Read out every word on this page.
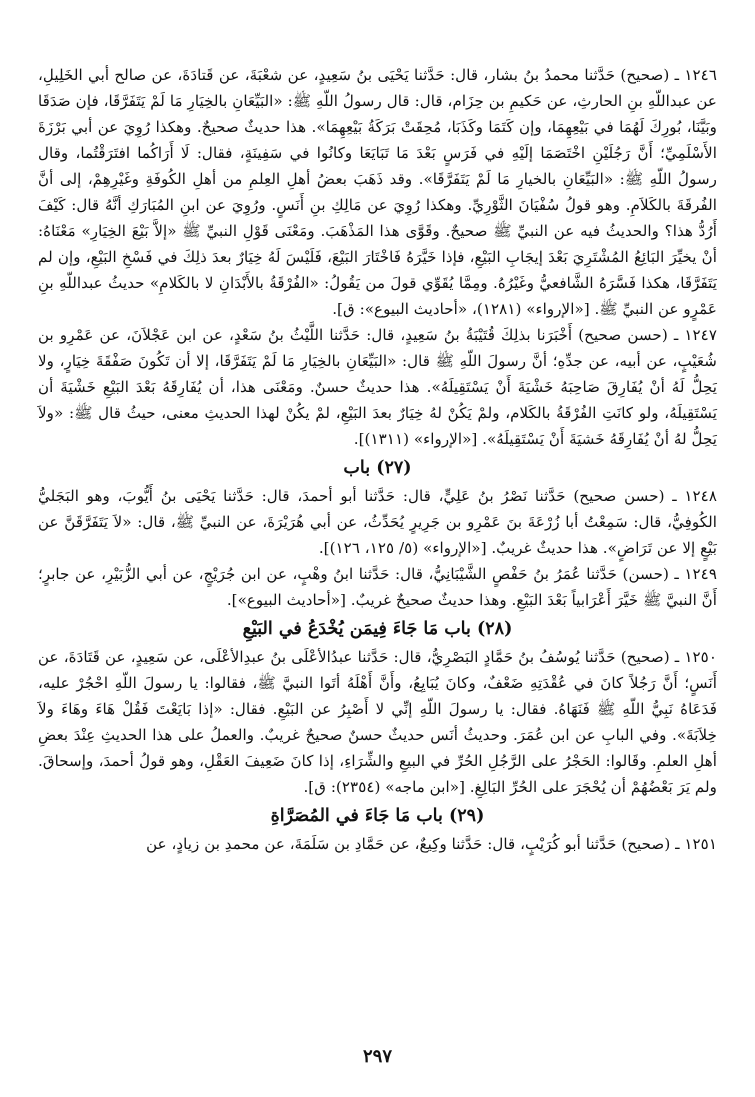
١٢٤٦ ـ (صحيح) حَدَّثنا محمدُ بنُ بشار، قال: حَدَّثنا يَحْيَى بنُ سَعِيدٍ، عن شعْبَةَ، عن قَتادَةَ، عن صالح أبي الخَلِيلِ، عن عبداللّهِ بنِ الحارثِ، عن حَكيمِ بن حِزَام، قال: قال رسولُ اللّهِ ﷺ: «البَيِّعَانِ بالخِيَارِ مَا لَمْ يَتَفَرَّقَا، فإن صَدَقَا وبَيَّنَا، بُورِكَ لَهُمَا في بَيْعِهِمَا، وإن كَتَمَا وكَذَبَا، مُحِقَتْ بَرَكَةُ بَيْعِهِمَا». هذا حديثٌ صحيحٌ. وهكذا رُوِيَ عن أبي بَرْزَةَ الأَسْلَمِيِّ؛ أَنَّ رَجُلَيْنِ اخْتَصَمَا إلَيْهِ في فَرَسٍ بَعْدَ مَا تَبَايَعَا وكانُوا في سَفِينَةٍ، فقال: لَا أَرَاكُما افتَرَقْتُما، وقال رسولُ اللّهِ ﷺ: «البَيِّعَانِ بالخيارِ مَا لَمْ يَتَفَرَّقَا». وقد ذَهَبَ بعضُ أهلِ العِلمِ من أهلِ الكُوفَةِ وغَيْرِهِمْ، إلى أنَّ الفُرقَةَ بالكَلاَمِ. وهو قولُ سُفْيَانَ الثَّوْرِيِّ. وهكذا رُوِيَ عن مَالِكِ بنِ أَنَسٍ. ورُوِيَ عن ابنِ المُبَارَكِ أنَّهُ قال: كَيْفَ أَرُدُّ هذا؟ والحديثُ فيه عن النبيِّ ﷺ صحيحٌ. وقَوَّى هذا المَذْهَبَ. ومَعْنَى قَوْلِ النبيِّ ﷺ «إلاَّ بَيْعَ الخِيَارِ» مَعْنَاهُ: أنْ يخيِّرَ البَائِعُ المُشْتَرِيَ بَعْدَ إيجَابِ البَيْعِ، فإذا خَيَّرَهُ فَاخْتَارَ البَيْعَ، فَلَيْسَ لَهُ خِيَارٌ بعدَ ذلِكَ في فَسْخِ البَيْعِ، وإن لم يَتَفَرَّقَا، هكذا فَسَّرَهُ الشَّافعيُّ وغَيْرُهُ. ومِمَّا يُقَوِّي قولَ من يَقُولُ: «الفُرْقَةُ بالأَبْدَانِ لا بالكَلامِ» حديثُ عبداللّهِ بنِ عَمْرٍو عن النبيِّ ﷺ. [«الإرواء» (١٢٨١)، «أحاديث البيوع»: ق].

١٢٤٧ ـ (حسن صحيح) أَخْبَرَنا بذلِكَ قُتَيْبَةُ بنُ سَعِيدٍ، قال: حَدَّثنا اللَّيْثُ بنُ سَعْدٍ، عن ابن عَجْلاَنَ، عن عَمْرِو بن شُعَيْبٍ، عن أبيه، عن جدِّهِ؛ أنَّ رسولَ اللّهِ ﷺ قال: «البَيِّعَانِ بالخِيَارِ مَا لَمْ يَتَفَرَّقَا، إلا أن تَكُونَ صَفْقَةَ خِيَارٍ، ولا يَحِلُّ لَهُ أنْ يُفَارِقَ صَاحِبَهُ خَشْيَةَ أَنْ يَسْتَقِيلَهُ». هذا حديثٌ حسنٌ. ومَعْنَى هذا، أن يُفَارِقَهُ بَعْدَ البَيْعِ خَشْيَةَ أن يَسْتَقِيلَهُ، ولو كانَتِ الفُرْقَةُ بالكَلام، ولمْ يَكُنْ لهُ خِيَارٌ بعدَ البَيْعِ، لمْ يكُنْ لهذا الحديثِ معنى، حيثُ قال ﷺ: «ولاَ يَحِلُّ لهُ أنْ يُفَارِقَهُ خَشيَةَ أَنْ يَسْتَقِيلَهُ». [«الإرواء» (١٣١١)].

(٢٧) باب

١٢٤٨ ـ (حسن صحيح) حَدَّثنا نَصْرُ بنُ عَلِيٍّ، قال: حَدَّثنا أبو أحمدَ، قال: حَدَّثنا يَحْيَى بنُ أَيُّوبَ، وهو البَجَليُّ الكُوفِيُّ، قال: سَمِعْتُ أبا زُرْعَةَ بنَ عَمْرِو بن جَرِيرٍ يُحَدِّثُ، عن أبي هُرَيْرَةَ، عن النبيِّ ﷺ، قال: «لاَ يَتَفَرَّقَنَّ عن بَيْعٍ إلا عن تَرَاضٍ». هذا حديثٌ غريبٌ. [«الإرواء» (٥/ ١٢٥، ١٢٦)].

١٢٤٩ ـ (حسن) حَدَّثنا عُمَرُ بنُ حَفْصٍ الشَّيْبَانِيُّ، قال: حَدَّثنا ابنُ وهْبٍ، عن ابن جُرَيْجٍ، عن أبي الزُّبَيْرِ، عن جابرٍ؛ أَنَّ النبيَّ ﷺ خَيَّرَ أَعْرَابياً بَعْدَ البَيْعِ. وهذا حديثٌ صحيحٌ غريبٌ. [«أحاديث البيوع»].

(٢٨) باب مَا جَاءَ فِيمَن يُخْدَعُ في البَيْعِ

١٢٥٠ ـ (صحيح) حَدَّثنا يُوسُفُ بنُ حَمَّادٍ البَصْرِيُّ، قال: حَدَّثنا عبدُالأعْلَى بنُ عبدِالأعْلَى، عن سَعِيدٍ، عن قَتَادَةَ، عن أَنَسٍ؛ أَنَّ رَجُلاً كانَ في عُقْدَتِهِ ضَعْفٌ، وكانَ يُبَايِعُ، وأَنَّ أَهْلَهُ أتَوا النبيَّ ﷺ، فقالوا: يا رسولَ اللّهِ احْجُرْ عليه، فَدَعَاهُ نَبِيُّ اللّهِ ﷺ فَنَهَاهُ. فقال: يا رسولَ اللّهِ إنِّي لا أَصْبِرُ عن البَيْعِ. فقال: «إذا بَايَعْتَ فَقُلْ هَاءَ وهَاءَ ولاَ خِلاَبَةَ». وفي البابِ عن ابن عُمَرَ. وحديثُ أنَس حديثٌ حسنٌ صحيحٌ غريبٌ. والعملُ على هذا الحديثِ عِنْدَ بعضِ أهلِ العلمِ. وقَالوا: الحَجْرُ على الرَّجُلِ الحُرِّ في البيعِ والشِّرَاءِ، إذا كانَ ضَعِيفَ العَقْلِ، وهو قولُ أحمدَ، وإسحاقَ. ولم يَرَ بَعْضُهُمْ أن يُحْجَرَ على الحُرِّ البَالِغِ. [«ابن ماجه» (٢٣٥٤): ق].

(٢٩) باب مَا جَاءَ في المُصَرَّاةِ

١٢٥١ ـ (صحيح) حَدَّثنا أبو كُرَيْبٍ، قال: حَدَّثنا وكِيعٌ، عن حَمَّادِ بن سَلَمَةَ، عن محمدِ بن زيادٍ، عن

٢٩٧
